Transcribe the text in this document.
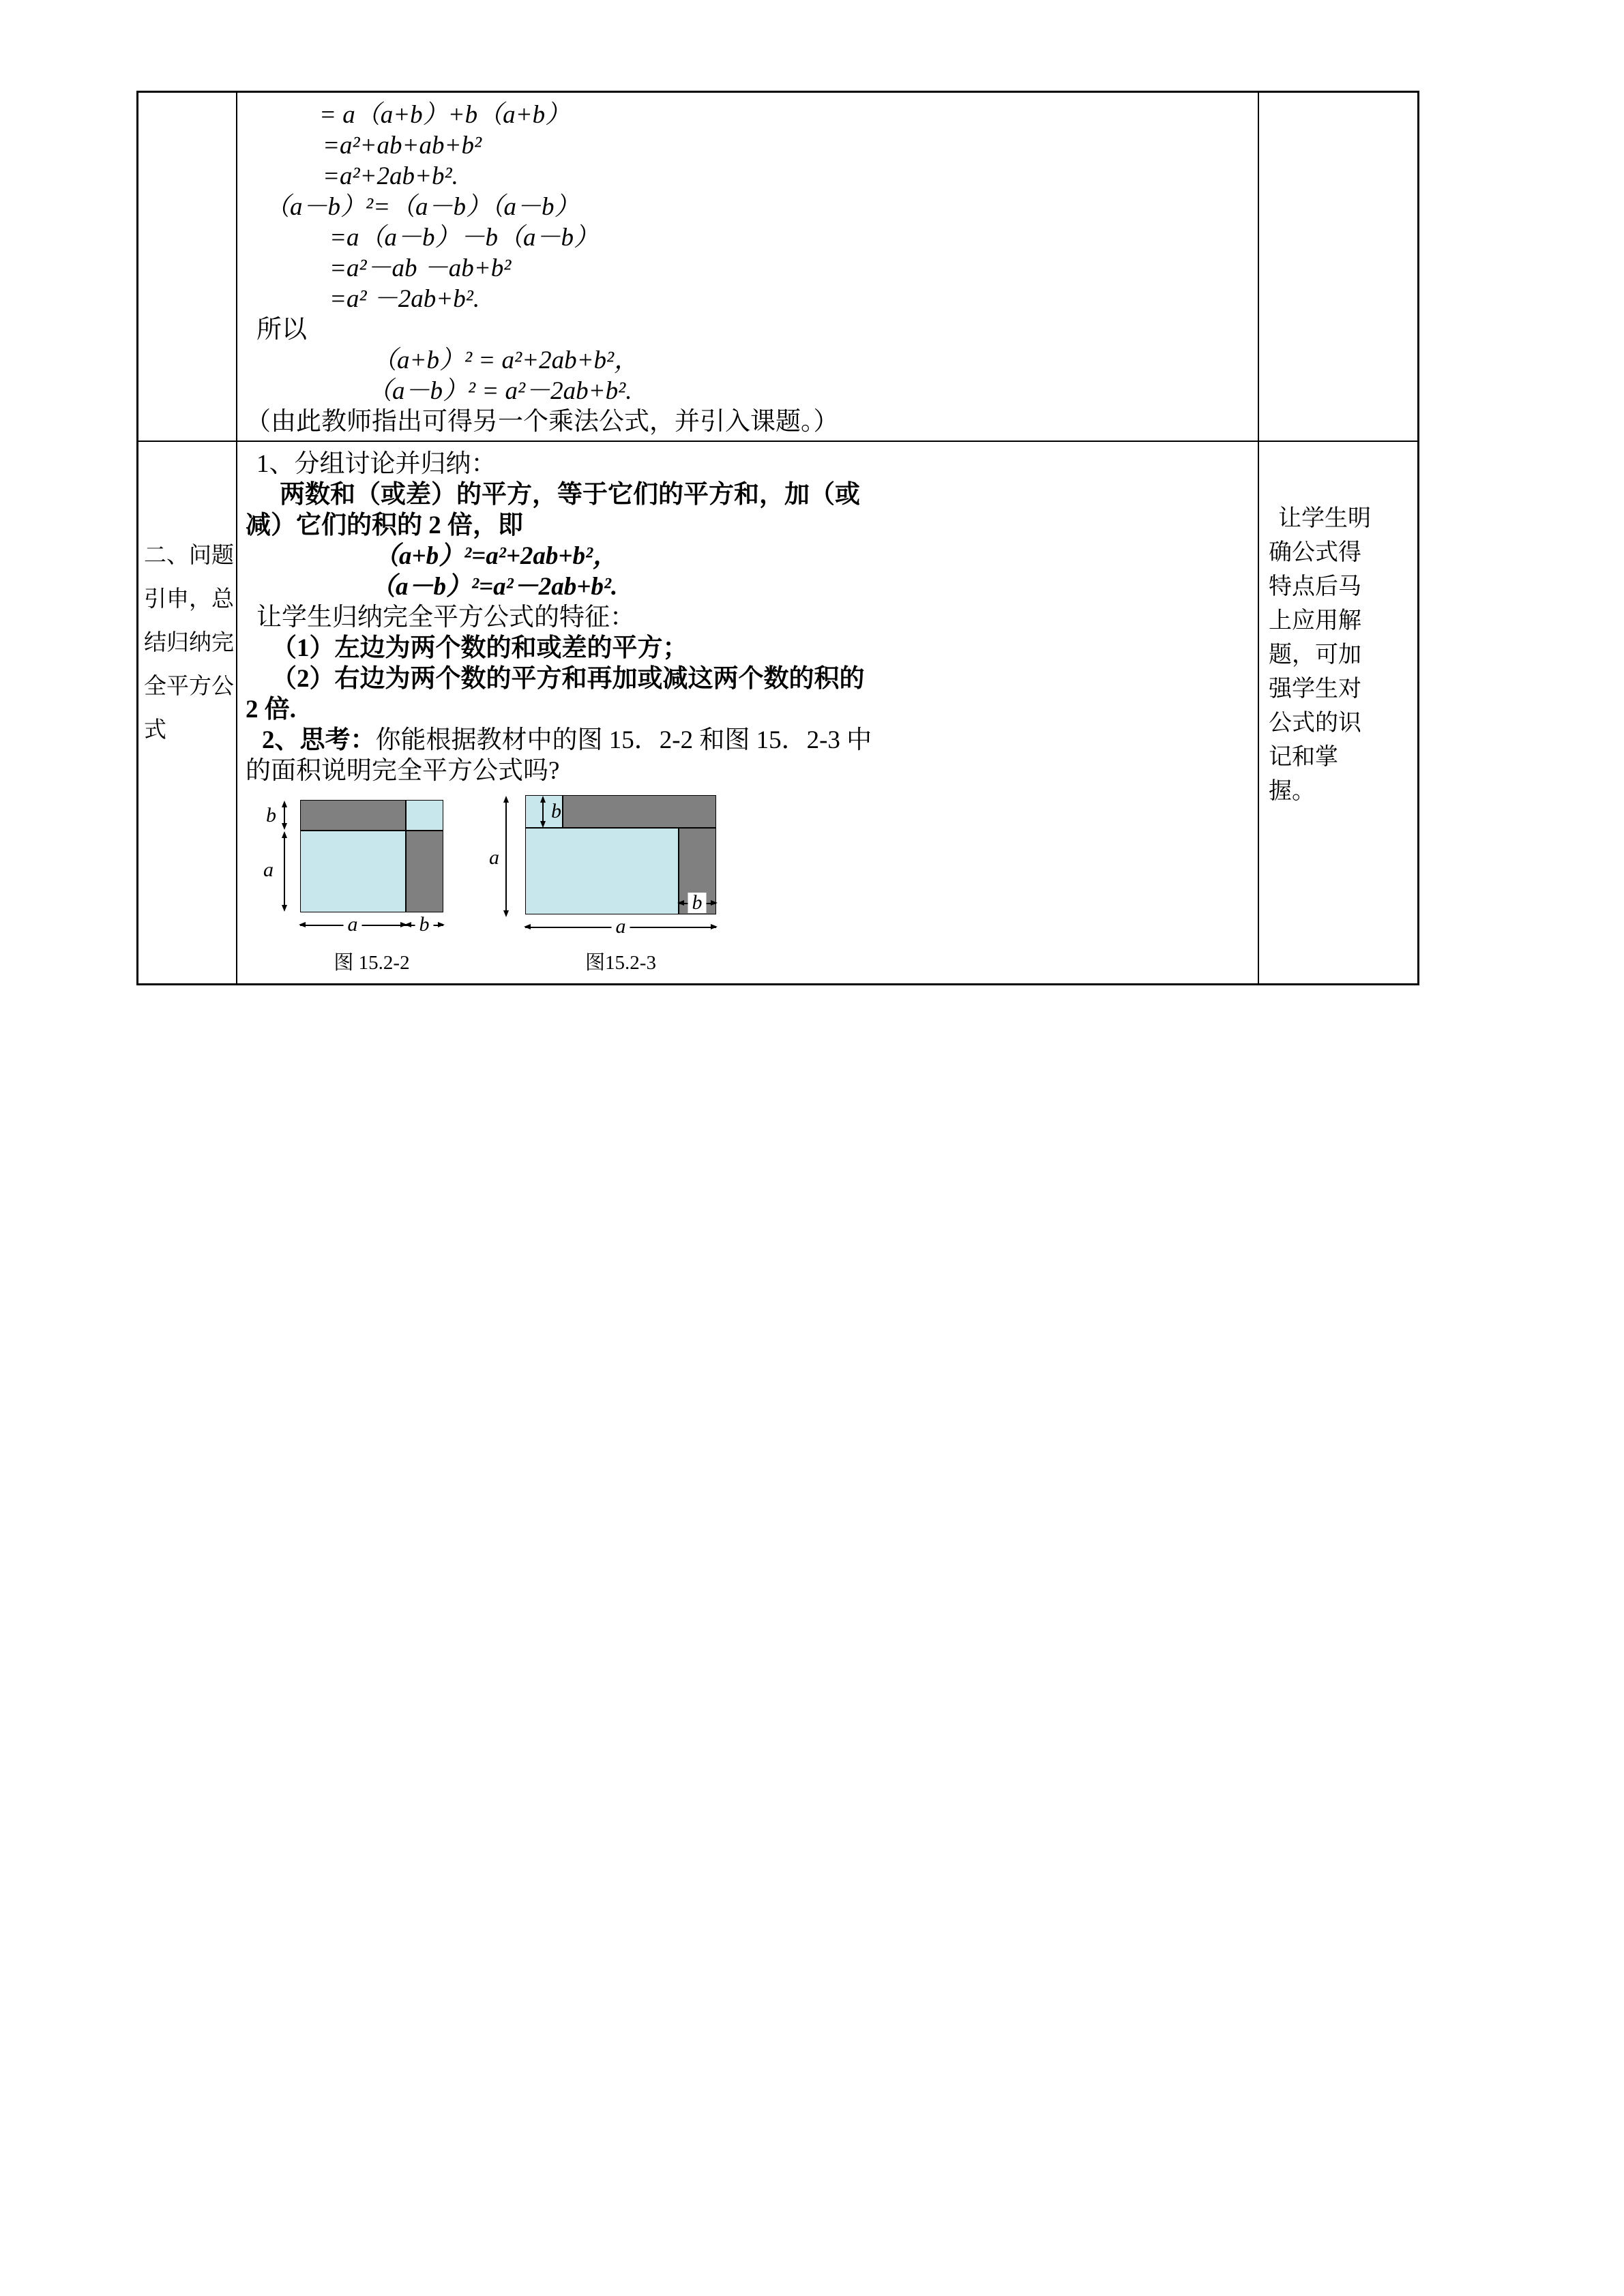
= a（a+b）+b（a+b）
=a²+ab+ab+b²
=a²+2ab+b².
（a－b）²=（a－b）（a－b）
=a（a－b）－b（a－b）
=a²－ab －ab+b²
=a² －2ab+b².
所以
（a+b）² = a²+2ab+b²，
（a－b）² = a²－2ab+b².
（由此教师指出可得另一个乘法公式，并引入课题。）
二、问题
引申，总
结归纳完
全平方公
式
1、分组讨论并归纳：
两数和（或差）的平方，等于它们的平方和，加（或
减）它们的积的 2 倍，即
（a+b）²=a²+2ab+b²，
（a－b）²=a²－2ab+b².
让学生归纳完全平方公式的特征：
（1）左边为两个数的和或差的平方；
（2）右边为两个数的平方和再加或减这两个数的积的
2 倍.
2、思考：你能根据教材中的图 15．2-2 和图 15．2-3 中
的面积说明完全平方公式吗?
b
a
a	b
a
b
a
b
图 15.2-2	图15.2-3
让学生明
确公式得
特点后马
上应用解
题，可加
强学生对
公式的识
记和掌
握。
